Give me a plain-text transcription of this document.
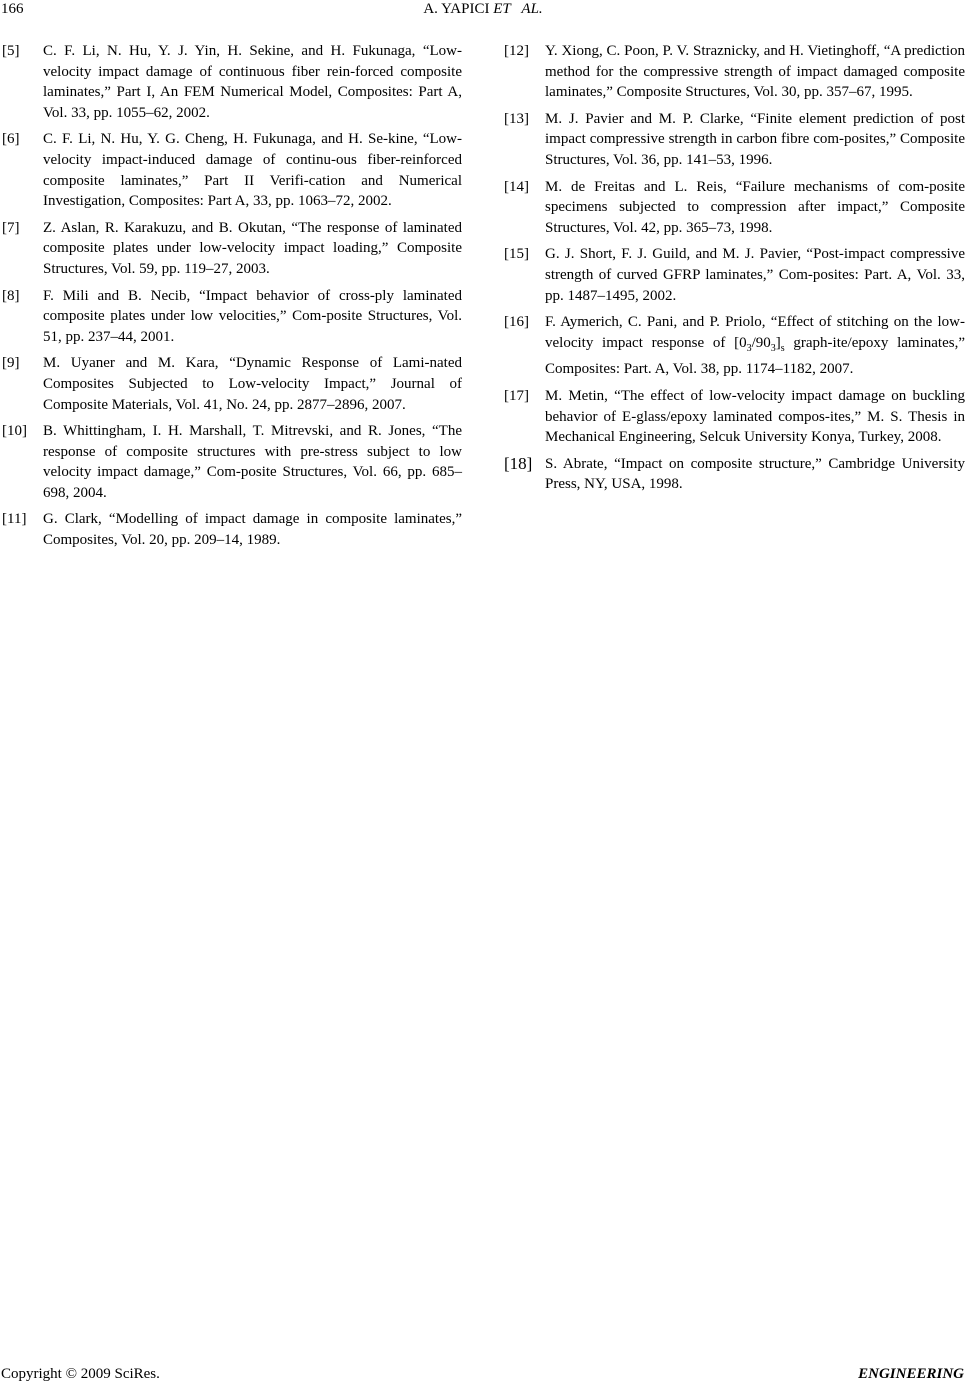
166	A. YAPICI ET   AL.
[5] C. F. Li, N. Hu, Y. J. Yin, H. Sekine, and H. Fukunaga, “Low-velocity impact damage of continuous fiber rein-forced composite laminates,” Part I, An FEM Numerical Model, Composites: Part A, Vol. 33, pp. 1055–62, 2002.
[6] C. F. Li, N. Hu, Y. G. Cheng, H. Fukunaga, and H. Se-kine, “Low-velocity impact-induced damage of continu-ous fiber-reinforced composite laminates,” Part II Verifi-cation and Numerical Investigation, Composites: Part A, 33, pp. 1063–72, 2002.
[7] Z. Aslan, R. Karakuzu, and B. Okutan, “The response of laminated composite plates under low-velocity impact loading,” Composite Structures, Vol. 59, pp. 119–27, 2003.
[8] F. Mili and B. Necib, “Impact behavior of cross-ply laminated composite plates under low velocities,” Com-posite Structures, Vol. 51, pp. 237–44, 2001.
[9] M. Uyaner and M. Kara, “Dynamic Response of Lami-nated Composites Subjected to Low-velocity Impact,” Journal of Composite Materials, Vol. 41, No. 24, pp. 2877–2896, 2007.
[10] B. Whittingham, I. H. Marshall, T. Mitrevski, and R. Jones, “The response of composite structures with pre-stress subject to low velocity impact damage,” Com-posite Structures, Vol. 66, pp. 685–698, 2004.
[11] G. Clark, “Modelling of impact damage in composite laminates,” Composites, Vol. 20, pp. 209–14, 1989.
[12] Y. Xiong, C. Poon, P. V. Straznicky, and H. Vietinghoff, “A prediction method for the compressive strength of impact damaged composite laminates,” Composite Structures, Vol. 30, pp. 357–67, 1995.
[13] M. J. Pavier and M. P. Clarke, “Finite element prediction of post impact compressive strength in carbon fibre com-posites,” Composite Structures, Vol. 36, pp. 141–53, 1996.
[14] M. de Freitas and L. Reis, “Failure mechanisms of com-posite specimens subjected to compression after impact,” Composite Structures, Vol. 42, pp. 365–73, 1998.
[15] G. J. Short, F. J. Guild, and M. J. Pavier, “Post-impact compressive strength of curved GFRP laminates,” Com-posites: Part. A, Vol. 33, pp. 1487–1495, 2002.
[16] F. Aymerich, C. Pani, and P. Priolo, “Effect of stitching on the low-velocity impact response of $[0_3/90_3]_s$ graph-ite/epoxy laminates,” Composites: Part. A, Vol. 38, pp. 1174–1182, 2007.
[17] M. Metin, “The effect of low-velocity impact damage on buckling behavior of E-glass/epoxy laminated compos-ites,” M. S. Thesis in Mechanical Engineering, Selcuk University Konya, Turkey, 2008.
[18] S. Abrate, “Impact on composite structure,” Cambridge University Press, NY, USA, 1998.
Copyright © 2009 SciRes.	ENGINEERING
